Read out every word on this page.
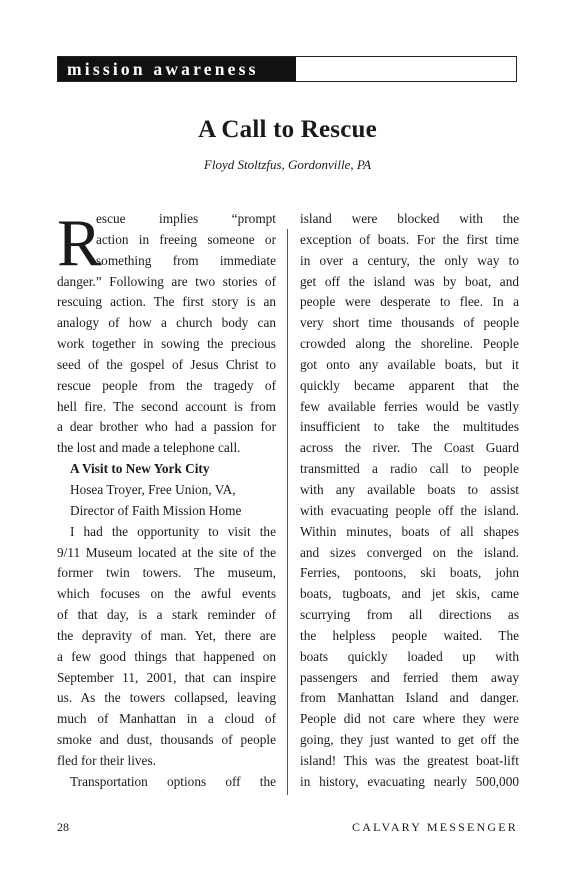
mission awareness
A Call to Rescue
Floyd Stoltzfus, Gordonville, PA
R
escue implies “prompt
action in freeing someone or
something from immediate
danger.” Following are two stories of
rescuing action. The first story is an
analogy of how a church body can
work together in sowing the precious
seed of the gospel of Jesus Christ to
rescue people from the tragedy of
hell fire. The second account is from
a dear brother who had a passion for
the lost and made a telephone call.
A Visit to New York City
Hosea Troyer, Free Union, VA,
Director of Faith Mission Home
I had the opportunity to visit the
9/11 Museum located at the site of the
former twin towers. The museum,
which focuses on the awful events
of that day, is a stark reminder of
the depravity of man. Yet, there are
a few good things that happened on
September 11, 2001, that can inspire
us. As the towers collapsed, leaving
much of Manhattan in a cloud of
smoke and dust, thousands of people
fled for their lives.
Transportation options off the
island were blocked with the
exception of boats. For the first time
in over a century, the only way to
get off the island was by boat, and
people were desperate to flee. In a
very short time thousands of people
crowded along the shoreline. People
got onto any available boats, but it
quickly became apparent that the
few available ferries would be vastly
insufficient to take the multitudes
across the river. The Coast Guard
transmitted a radio call to people
with any available boats to assist
with evacuating people off the island.
Within minutes, boats of all shapes
and sizes converged on the island.
Ferries, pontoons, ski boats, john
boats, tugboats, and jet skis, came
scurrying from all directions as
the helpless people waited. The
boats quickly loaded up with
passengers and ferried them away
from Manhattan Island and danger.
People did not care where they were
going, they just wanted to get off the
island! This was the greatest boat-lift
in history, evacuating nearly 500,000
28	CALVARY MESSENGER
